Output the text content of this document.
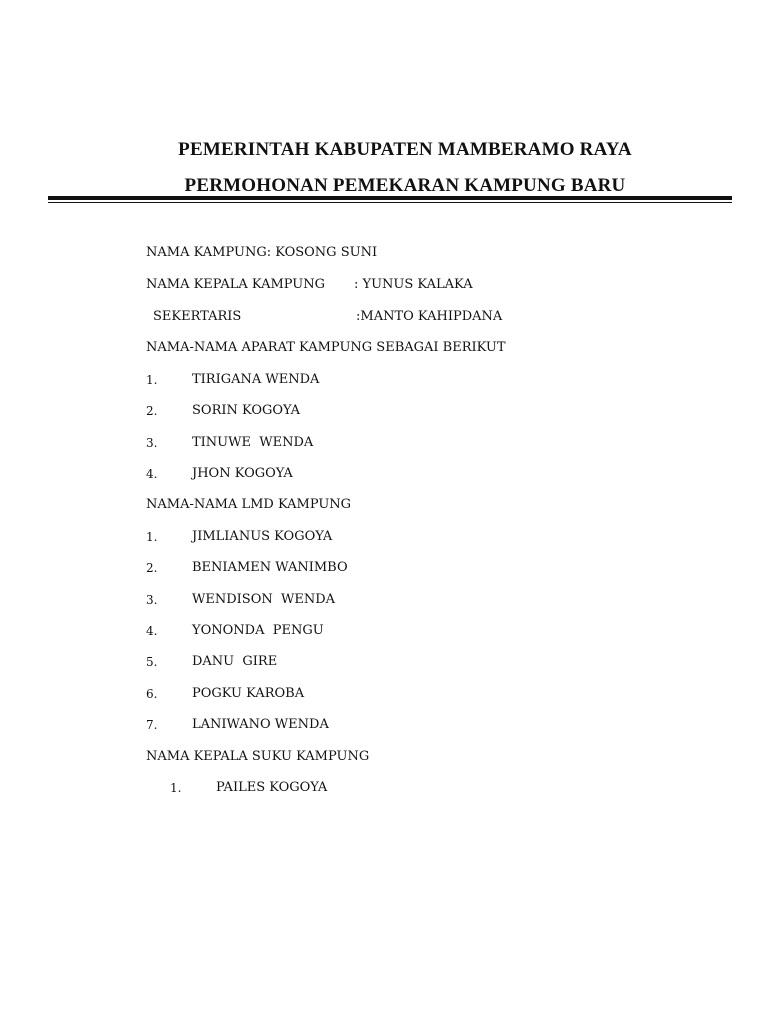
PEMERINTAH KABUPATEN MAMBERAMO RAYA
PERMOHONAN PEMEKARAN KAMPUNG BARU
NAMA KAMPUNG: KOSONG SUNI
NAMA KEPALA KAMPUNG : YUNUS KALAKA
SEKERTARIS	:MANTO KAHIPDANA
NAMA-NAMA APARAT KAMPUNG SEBAGAI BERIKUT
1.	TIRIGANA WENDA
2.	SORIN KOGOYA
3.	TINUWE  WENDA
4.	JHON KOGOYA
NAMA-NAMA LMD KAMPUNG
1.	JIMLIANUS KOGOYA
2.	BENIAMEN WANIMBO
3.	WENDISON  WENDA
4.	YONONDA  PENGU
5.	DANU  GIRE
6.	POGKU KAROBA
7.	LANIWANO WENDA
NAMA KEPALA SUKU KAMPUNG
1.	PAILES KOGOYA
